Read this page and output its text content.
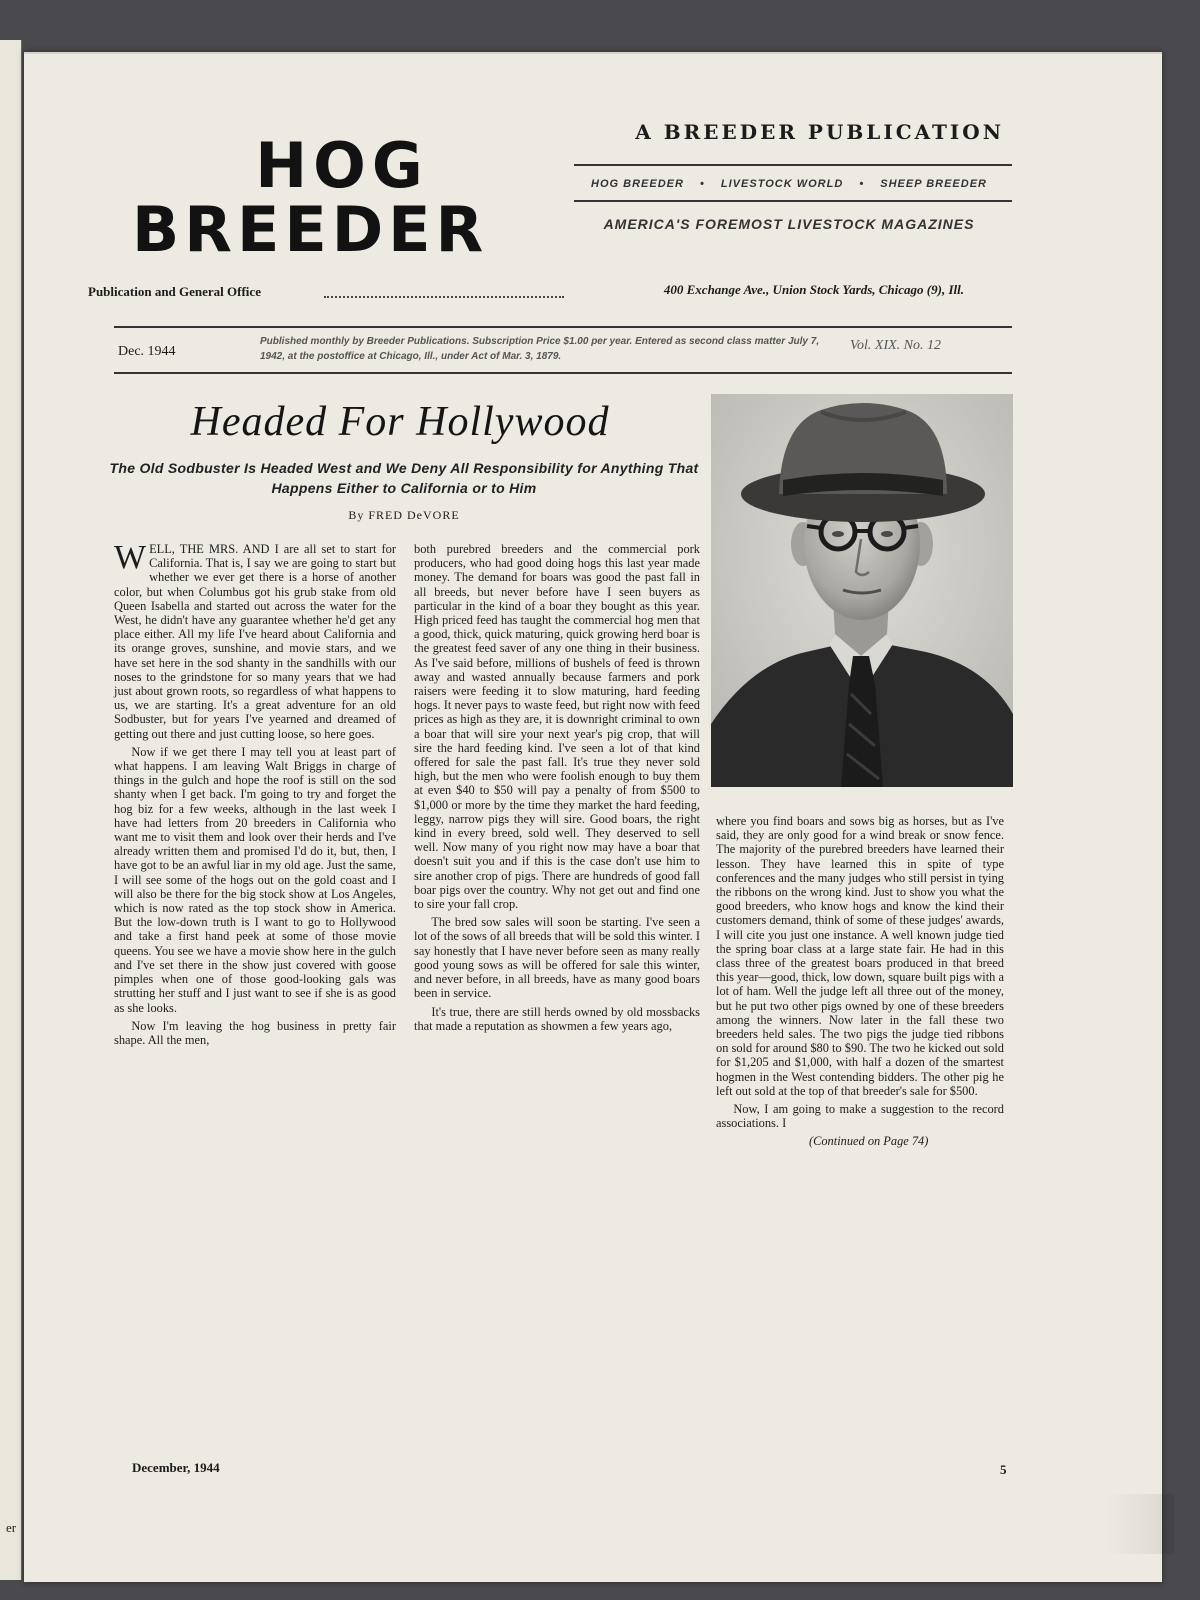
er
HOG
BREEDER
A BREEDER PUBLICATION
HOG BREEDER • LIVESTOCK WORLD • SHEEP BREEDER
AMERICA'S FOREMOST LIVESTOCK MAGAZINES
Publication and General Office	400 Exchange Ave., Union Stock Yards, Chicago (9), Ill.
Dec. 1944
Published monthly by Breeder Publications. Subscription Price $1.00 per year. Entered as second class matter July 7, 1942, at the postoffice at Chicago, Ill., under Act of Mar. 3, 1879.
Vol. XIX. No. 12
Headed For Hollywood
The Old Sodbuster Is Headed West and We Deny All Responsibility for Anything That Happens Either to California or to Him
By FRED DeVORE

WELL, THE MRS. AND I are all set to start for California. That is, I say we are going to start but whether we ever get there is a horse of another color, but when Columbus got his grub stake from old Queen Isabella and started out across the water for the West, he didn't have any guarantee whether he'd get any place either. All my life I've heard about California and its orange groves, sunshine, and movie stars, and we have set here in the sod shanty in the sandhills with our noses to the grindstone for so many years that we had just about grown roots, so regardless of what happens to us, we are starting. It's a great adventure for an old Sodbuster, but for years I've yearned and dreamed of getting out there and just cutting loose, so here goes.

Now if we get there I may tell you at least part of what happens. I am leaving Walt Briggs in charge of things in the gulch and hope the roof is still on the sod shanty when I get back. I'm going to try and forget the hog biz for a few weeks, although in the last week I have had letters from 20 breeders in California who want me to visit them and look over their herds and I've already written them and promised I'd do it, but, then, I have got to be an awful liar in my old age. Just the same, I will see some of the hogs out on the gold coast and I will also be there for the big stock show at Los Angeles, which is now rated as the top stock show in America. But the low-down truth is I want to go to Hollywood and take a first hand peek at some of those movie queens. You see we have a movie show here in the gulch and I've set there in the show just covered with goose pimples when one of those good-looking gals was strutting her stuff and I just want to see if she is as good as she looks.

Now I'm leaving the hog business in pretty fair shape. All the men,

both purebred breeders and the commercial pork producers, who had good doing hogs this last year made money. The demand for boars was good the past fall in all breeds, but never before have I seen buyers as particular in the kind of a boar they bought as this year. High priced feed has taught the commercial hog men that a good, thick, quick maturing, quick growing herd boar is the greatest feed saver of any one thing in their business. As I've said before, millions of bushels of feed is thrown away and wasted annually because farmers and pork raisers were feeding it to slow maturing, hard feeding hogs. It never pays to waste feed, but right now with feed prices as high as they are, it is downright criminal to own a boar that will sire your next year's pig crop, that will sire the hard feeding kind. I've seen a lot of that kind offered for sale the past fall. It's true they never sold high, but the men who were foolish enough to buy them at even $40 to $50 will pay a penalty of from $500 to $1,000 or more by the time they market the hard feeding, leggy, narrow pigs they will sire. Good boars, the right kind in every breed, sold well. They deserved to sell well. Now many of you right now may have a boar that doesn't suit you and if this is the case don't use him to sire another crop of pigs. There are hundreds of good fall boar pigs over the country. Why not get out and find one to sire your fall crop.

The bred sow sales will soon be starting. I've seen a lot of the sows of all breeds that will be sold this winter. I say honestly that I have never before seen as many really good young sows as will be offered for sale this winter, and never before, in all breeds, have as many good boars been in service.

It's true, there are still herds owned by old mossbacks that made a reputation as showmen a few years ago,

where you find boars and sows big as horses, but as I've said, they are only good for a wind break or snow fence. The majority of the purebred breeders have learned their lesson. They have learned this in spite of type conferences and the many judges who still persist in tying the ribbons on the wrong kind. Just to show you what the good breeders, who know hogs and know the kind their customers demand, think of some of these judges' awards, I will cite you just one instance. A well known judge tied the spring boar class at a large state fair. He had in this class three of the greatest boars produced in that breed this year—good, thick, low down, square built pigs with a lot of ham. Well the judge left all three out of the money, but he put two other pigs owned by one of these breeders among the winners. Now later in the fall these two breeders held sales. The two pigs the judge tied ribbons on sold for around $80 to $90. The two he kicked out sold for $1,205 and $1,000, with half a dozen of the smartest hogmen in the West contending bidders. The other pig he left out sold at the top of that breeder's sale for $500.

Now, I am going to make a suggestion to the record associations. I

(Continued on Page 74)

December, 1944	5
